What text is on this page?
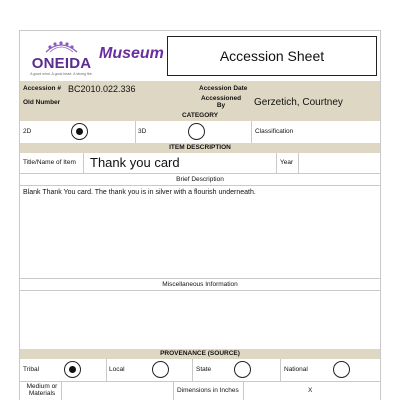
ONEIDA
A good mind. A good heart. A strong fire.
Museum	Accession Sheet
Accession # BC2010.022.336	Accession Date
Old Number
Accessioned By	Gerzetich, Courtney
CATEGORY
2D	3D	Classification
ITEM DESCRIPTION
Title/Name of Item Thank you card	Year
Brief Description
Blank Thank You card. The thank you is in silver with a flourish underneath.
Miscellaneous Information
PROVENANCE (SOURCE)
Tribal	Local	State	National
Medium or Materials	Dimensions in Inches	X
